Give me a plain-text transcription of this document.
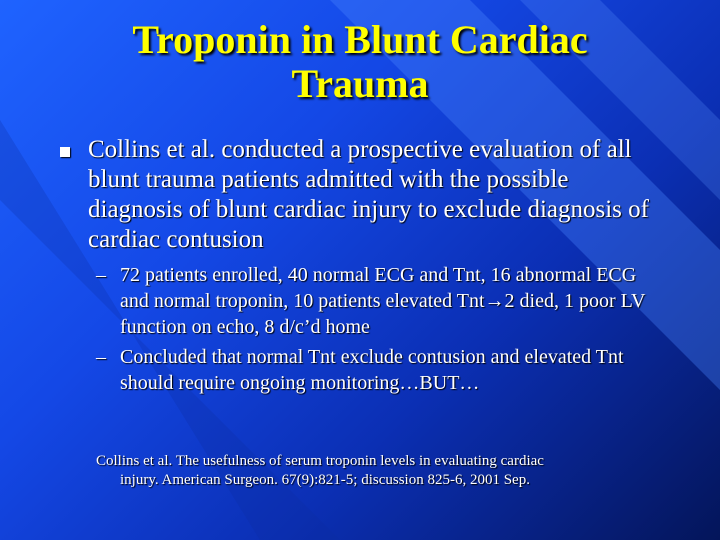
Troponin in Blunt Cardiac Trauma
Collins et al. conducted a prospective evaluation of all blunt trauma patients admitted with the possible diagnosis of blunt cardiac injury to exclude diagnosis of cardiac contusion
– 72 patients enrolled, 40 normal ECG and Tnt, 16 abnormal ECG and normal troponin, 10 patients elevated Tnt→2 died, 1 poor LV function on echo, 8 d/c’d home
– Concluded that normal Tnt exclude contusion and elevated Tnt should require ongoing monitoring…BUT…
Collins et al. The usefulness of serum troponin levels in evaluating cardiac
injury. American Surgeon. 67(9):821-5; discussion 825-6, 2001 Sep.
